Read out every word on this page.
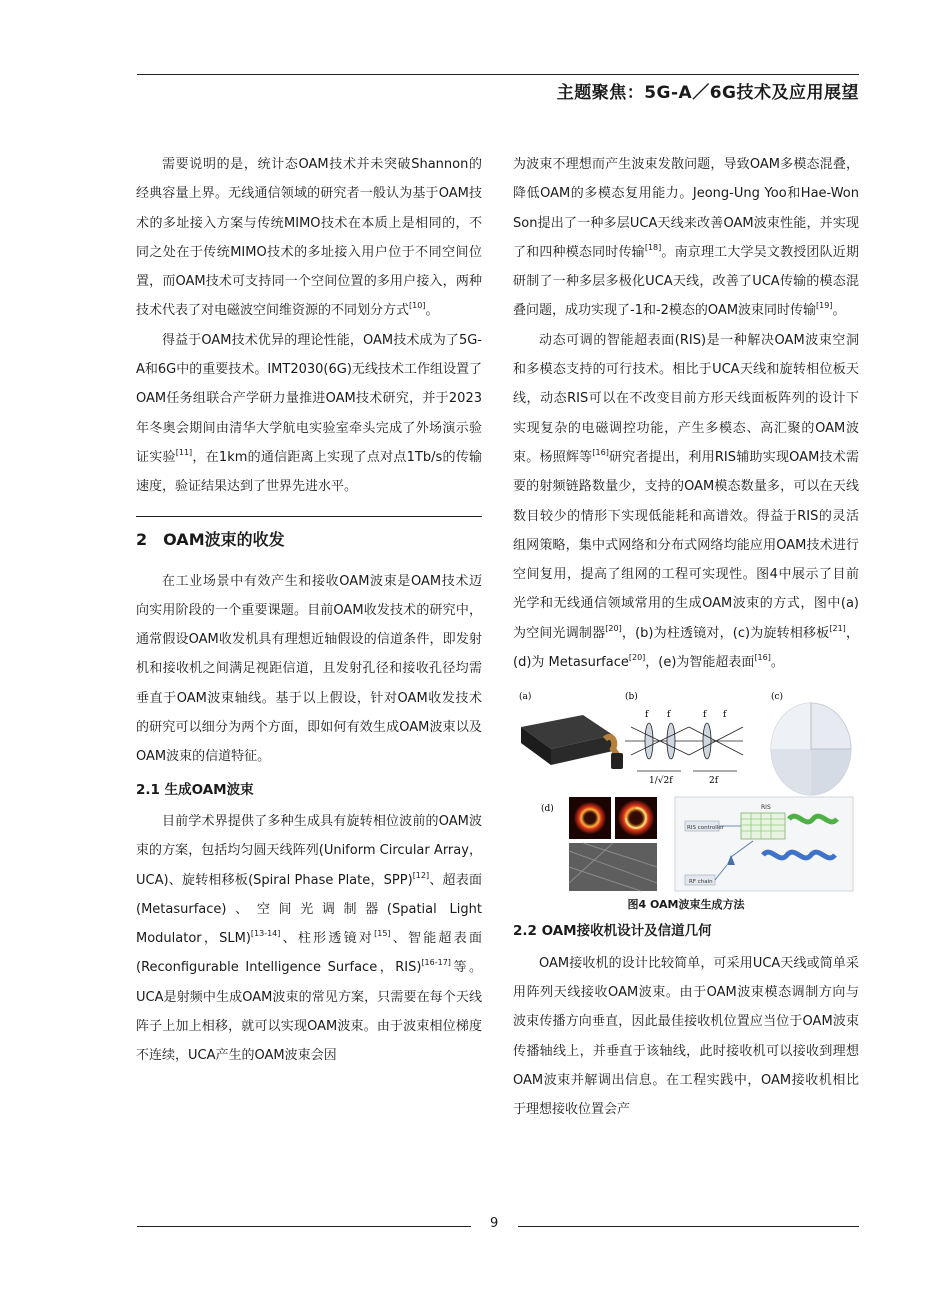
主题聚焦：5G-A／6G技术及应用展望

需要说明的是，统计态OAM技术并未突破Shannon的经典容量上界。无线通信领域的研究者一般认为基于OAM技术的多址接入方案与传统MIMO技术在本质上是相同的，不同之处在于传统MIMO技术的多址接入用户位于不同空间位置，而OAM技术可支持同一个空间位置的多用户接入，两种技术代表了对电磁波空间维资源的不同划分方式[10]。

得益于OAM技术优异的理论性能，OAM技术成为了5G-A和6G中的重要技术。IMT2030(6G)无线技术工作组设置了OAM任务组联合产学研力量推进OAM技术研究，并于2023年冬奥会期间由清华大学航电实验室牵头完成了外场演示验证实验[11]，在1km的通信距离上实现了点对点1Tb/s的传输速度，验证结果达到了世界先进水平。

2　OAM波束的收发

在工业场景中有效产生和接收OAM波束是OAM技术迈向实用阶段的一个重要课题。目前OAM收发技术的研究中，通常假设OAM收发机具有理想近轴假设的信道条件，即发射机和接收机之间满足视距信道，且发射孔径和接收孔径均需垂直于OAM波束轴线。基于以上假设，针对OAM收发技术的研究可以细分为两个方面，即如何有效生成OAM波束以及OAM波束的信道特征。

2.1 生成OAM波束

目前学术界提供了多种生成具有旋转相位波前的OAM波束的方案，包括均匀圆天线阵列(Uniform Circular Array，UCA)、旋转相移板(Spiral Phase Plate，SPP)[12]、超表面(Metasurface)、空间光调制器(Spatial Light Modulator，SLM)[13-14]、柱形透镜对[15]、智能超表面(Reconfigurable Intelligence Surface，RIS)[16-17]等。UCA是射频中生成OAM波束的常见方案，只需要在每个天线阵子上加上相移，就可以实现OAM波束。由于波束相位梯度不连续，UCA产生的OAM波束会因

为波束不理想而产生波束发散问题，导致OAM多模态混叠，降低OAM的多模态复用能力。Jeong-Ung Yoo和Hae-Won Son提出了一种多层UCA天线来改善OAM波束性能，并实现了和四种模态同时传输[18]。南京理工大学吴文教授团队近期研制了一种多层多极化UCA天线，改善了UCA传输的模态混叠问题，成功实现了-1和-2模态的OAM波束同时传输[19]。

动态可调的智能超表面(RIS)是一种解决OAM波束空洞和多模态支持的可行技术。相比于UCA天线和旋转相位板天线，动态RIS可以在不改变目前方形天线面板阵列的设计下实现复杂的电磁调控功能，产生多模态、高汇聚的OAM波束。杨照辉等[16]研究者提出，利用RIS辅助实现OAM技术需要的射频链路数量少，支持的OAM模态数量多，可以在天线数目较少的情形下实现低能耗和高谱效。得益于RIS的灵活组网策略，集中式网络和分布式网络均能应用OAM技术进行空间复用，提高了组网的工程可实现性。图4中展示了目前光学和无线通信领域常用的生成OAM波束的方式，图中(a)为空间光调制器[20]，(b)为柱透镜对，(c)为旋转相移板[21]，(d)为 Metasurface[20]，(e)为智能超表面[16]。

(a)	(b)
f f	f f
1/√2f	2f
(c)
(d)	RIS
RIS controller
RF chain
图4 OAM波束生成方法
2.2 OAM接收机设计及信道几何

OAM接收机的设计比较简单，可采用UCA天线或简单采用阵列天线接收OAM波束。由于OAM波束模态调制方向与波束传播方向垂直，因此最佳接收机位置应当位于OAM波束传播轴线上，并垂直于该轴线，此时接收机可以接收到理想OAM波束并解调出信息。在工程实践中，OAM接收机相比于理想接收位置会产

9
